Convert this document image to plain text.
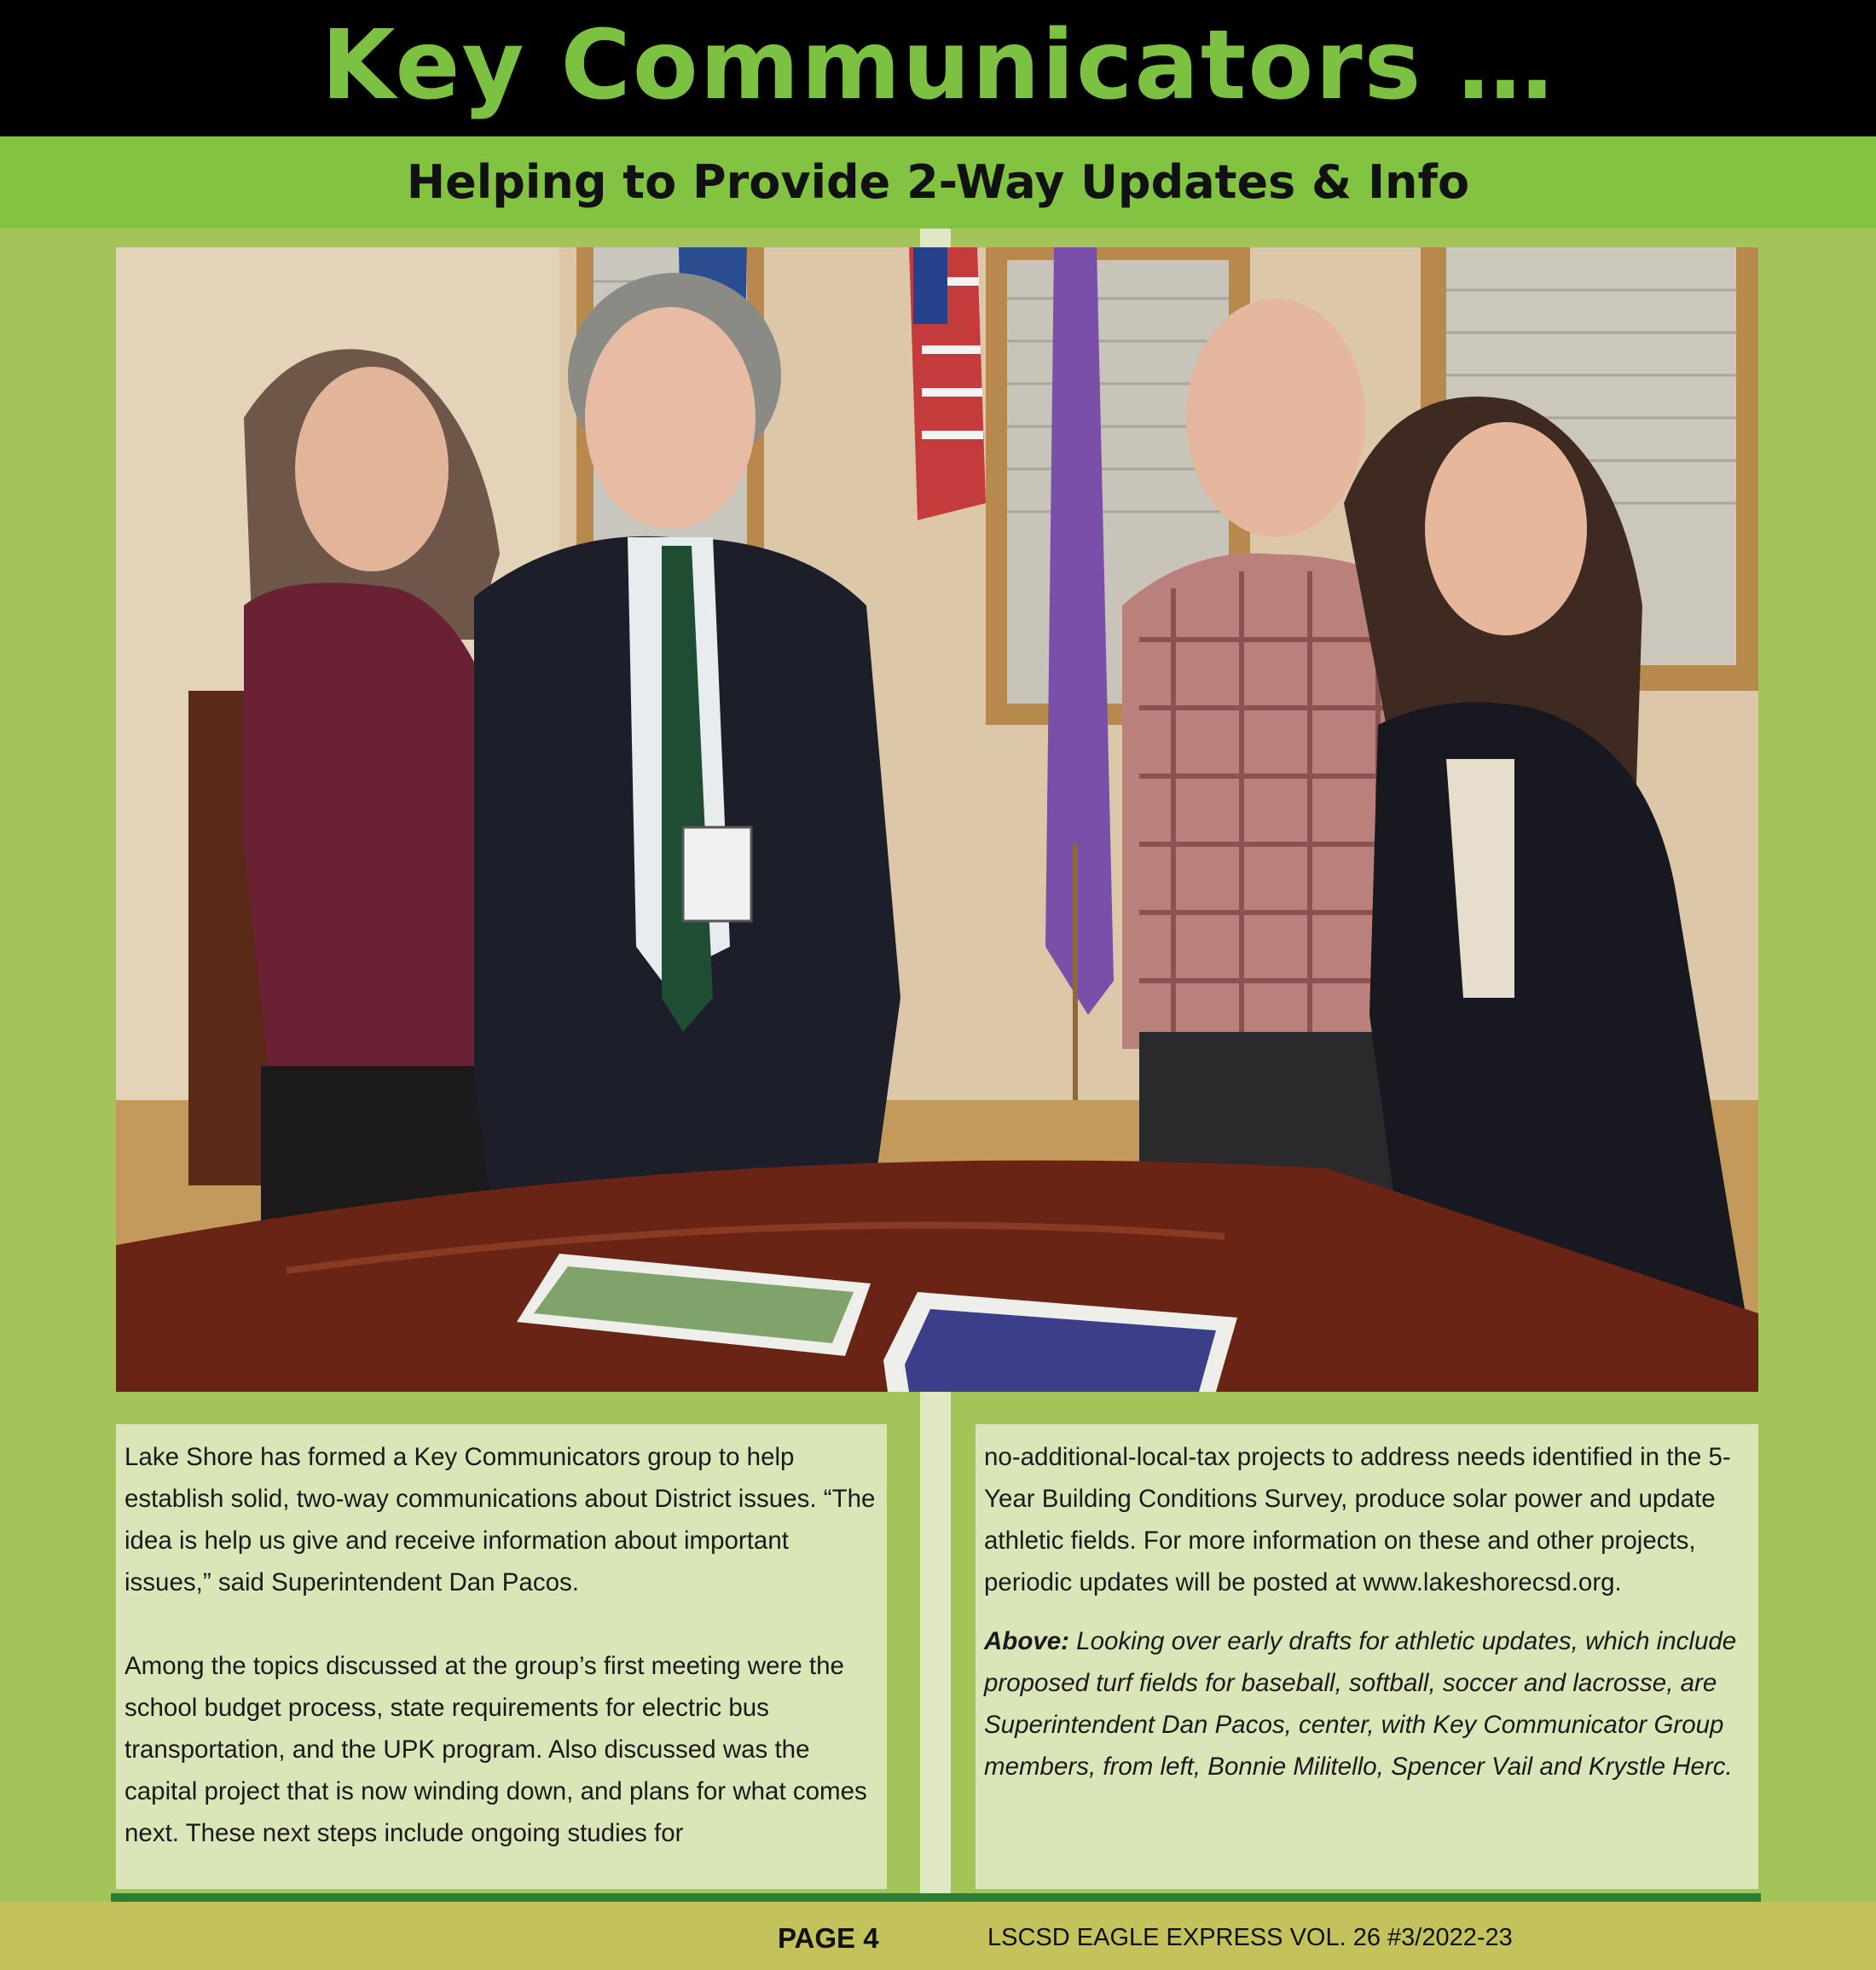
Key Communicators …
Helping to Provide 2-Way Updates & Info

Lake Shore has formed a Key Communicators group to help establish solid, two-way communications about District issues. “The idea is help us give and receive information about important issues,” said Superintendent Dan Pacos.

Among the topics discussed at the group’s first meeting were the school budget process, state requirements for electric bus transportation, and the UPK program. Also discussed was the capital project that is now winding down, and plans for what comes next. These next steps include ongoing studies for

no-additional-local-tax projects to address needs identified in the 5-Year Building Conditions Survey, produce solar power and update athletic fields. For more information on these and other projects, periodic updates will be posted at www.lakeshorecsd.org.

Above: Looking over early drafts for athletic updates, which include proposed turf fields for baseball, softball, soccer and lacrosse, are Superintendent Dan Pacos, center, with Key Communicator Group members, from left, Bonnie Militello, Spencer Vail and Krystle Herc.

PAGE 4	LSCSD EAGLE EXPRESS VOL. 26 #3/2022-23
